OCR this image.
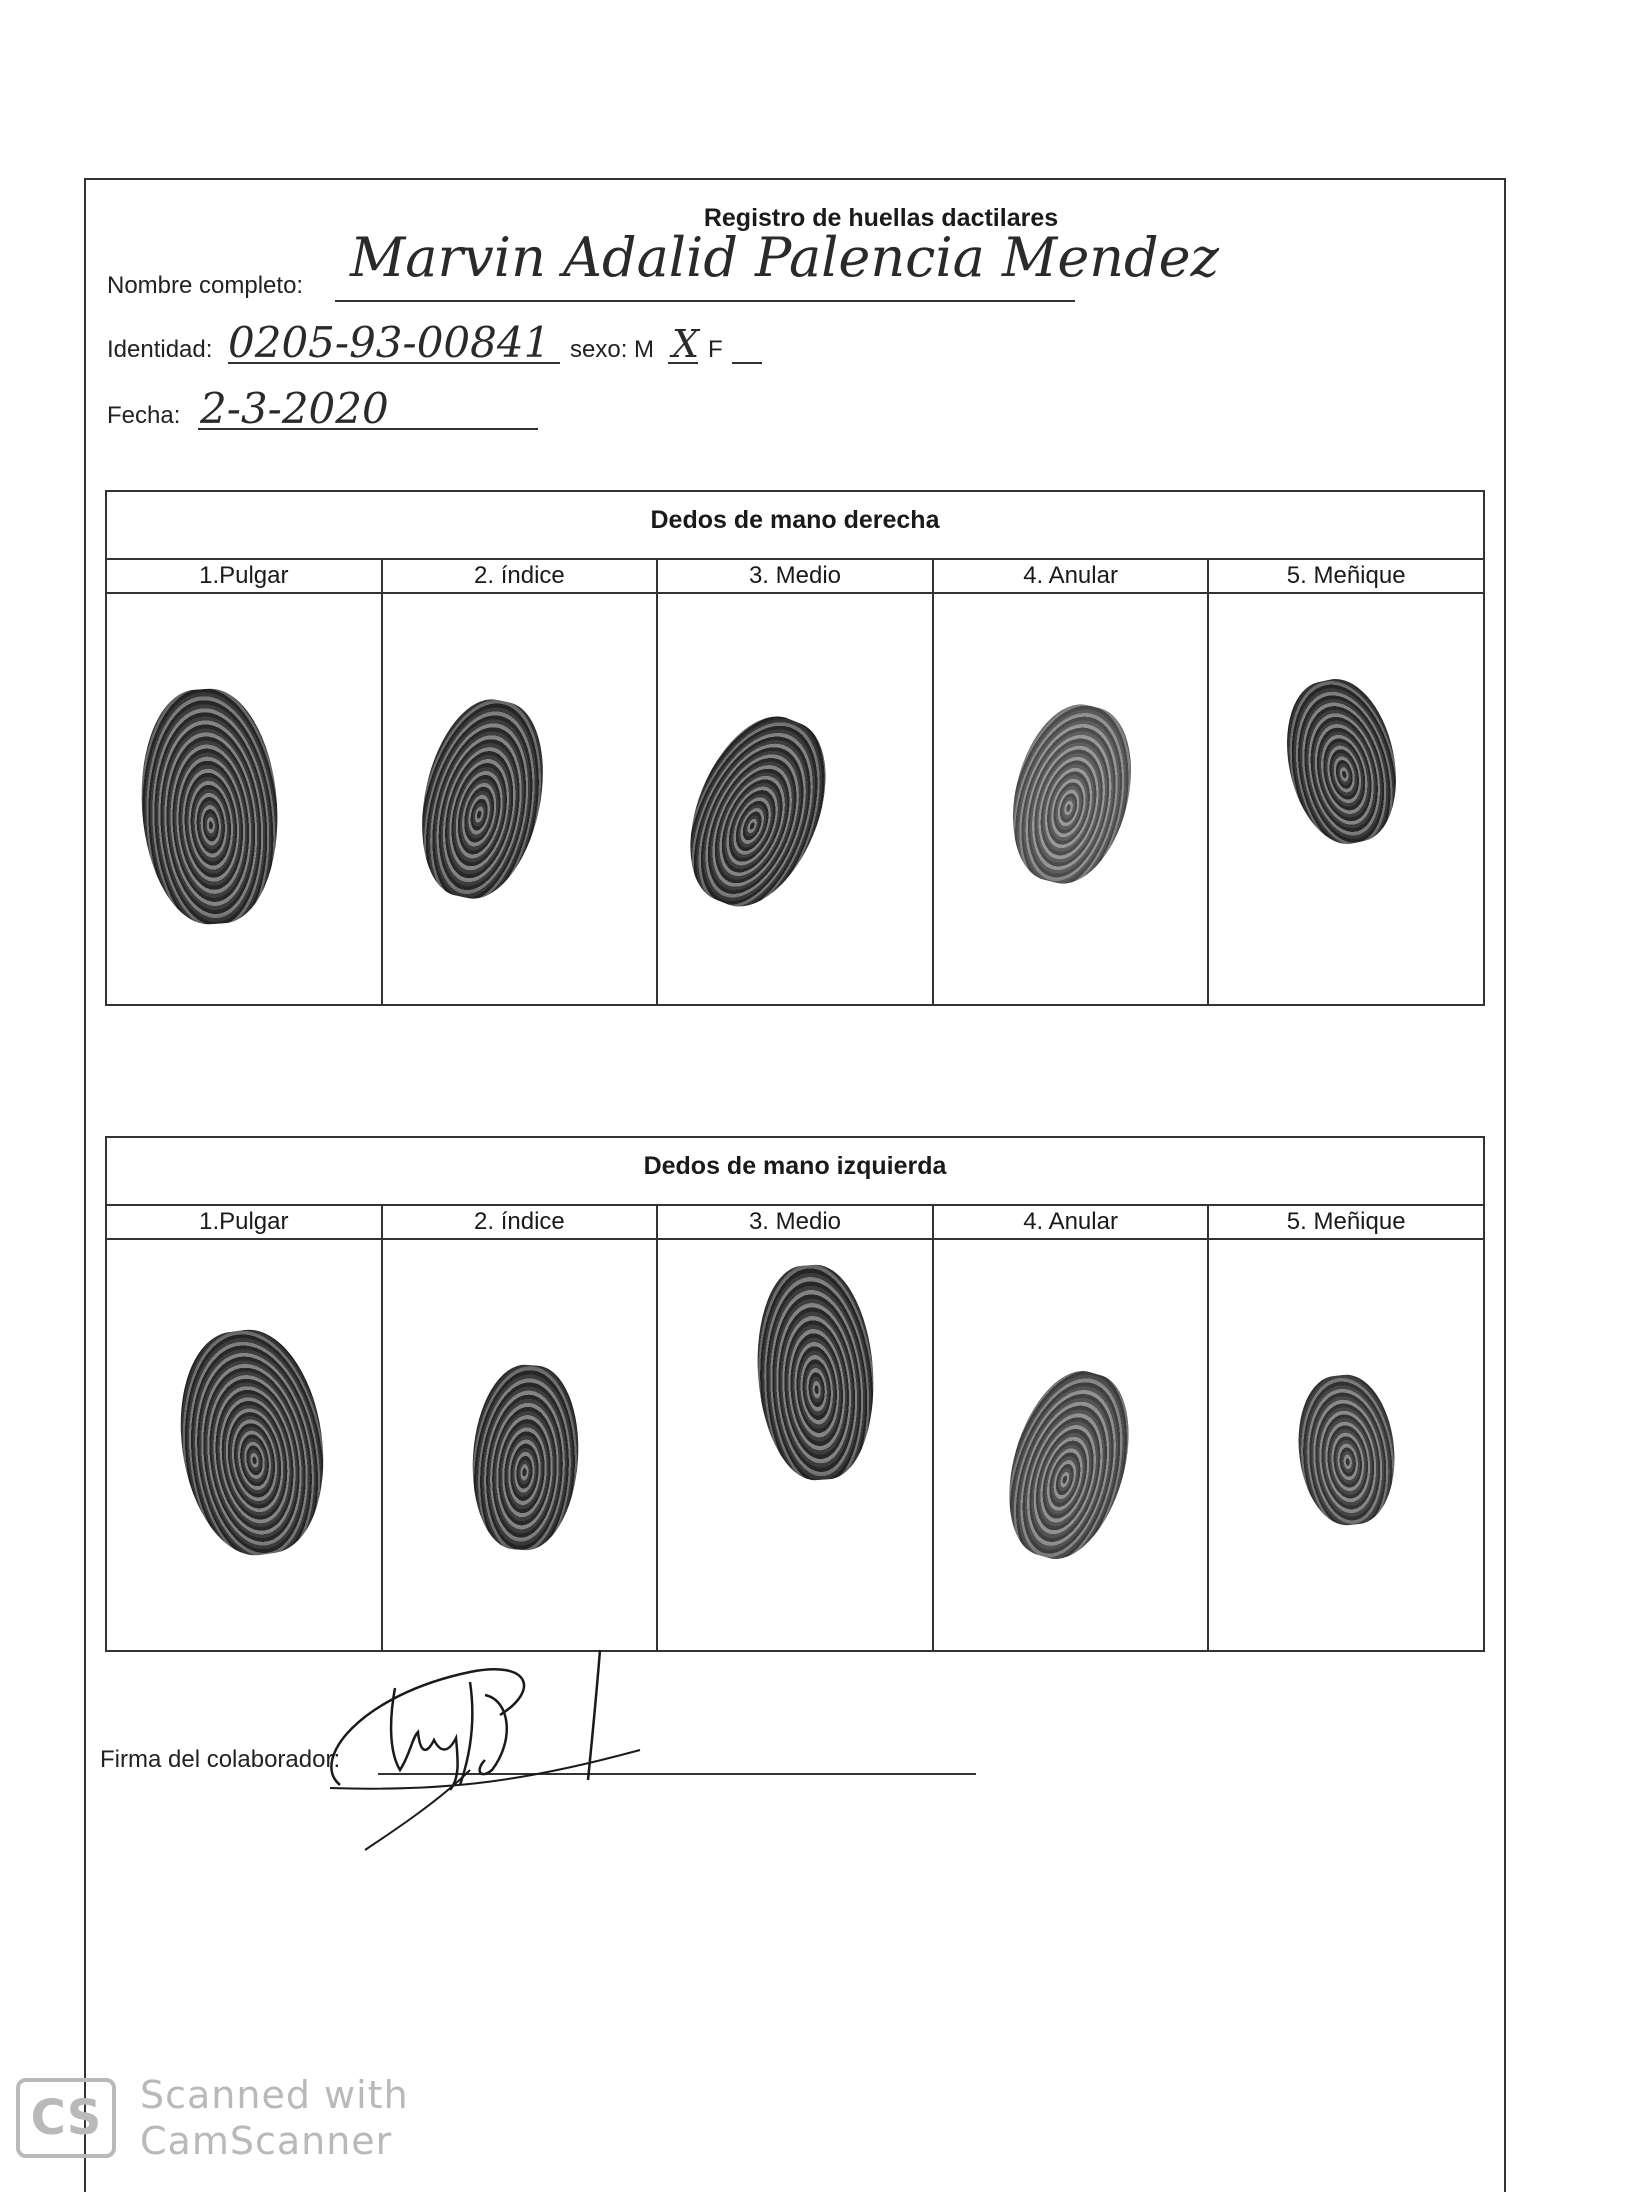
Registro de huellas dactilares
Nombre completo: Marvin Adalid Palencia Mendez
Identidad: 0205-93-00841 sexo: M X F
Fecha: 2-3-2020
Dedos de mano derecha
1.Pulgar	2. índice	3. Medio	4. Anular	5. Meñique
Dedos de mano izquierda
1.Pulgar	2. índice	3. Medio	4. Anular	5. Meñique
Firma del colaborador:
CS	Scanned with
CamScanner
